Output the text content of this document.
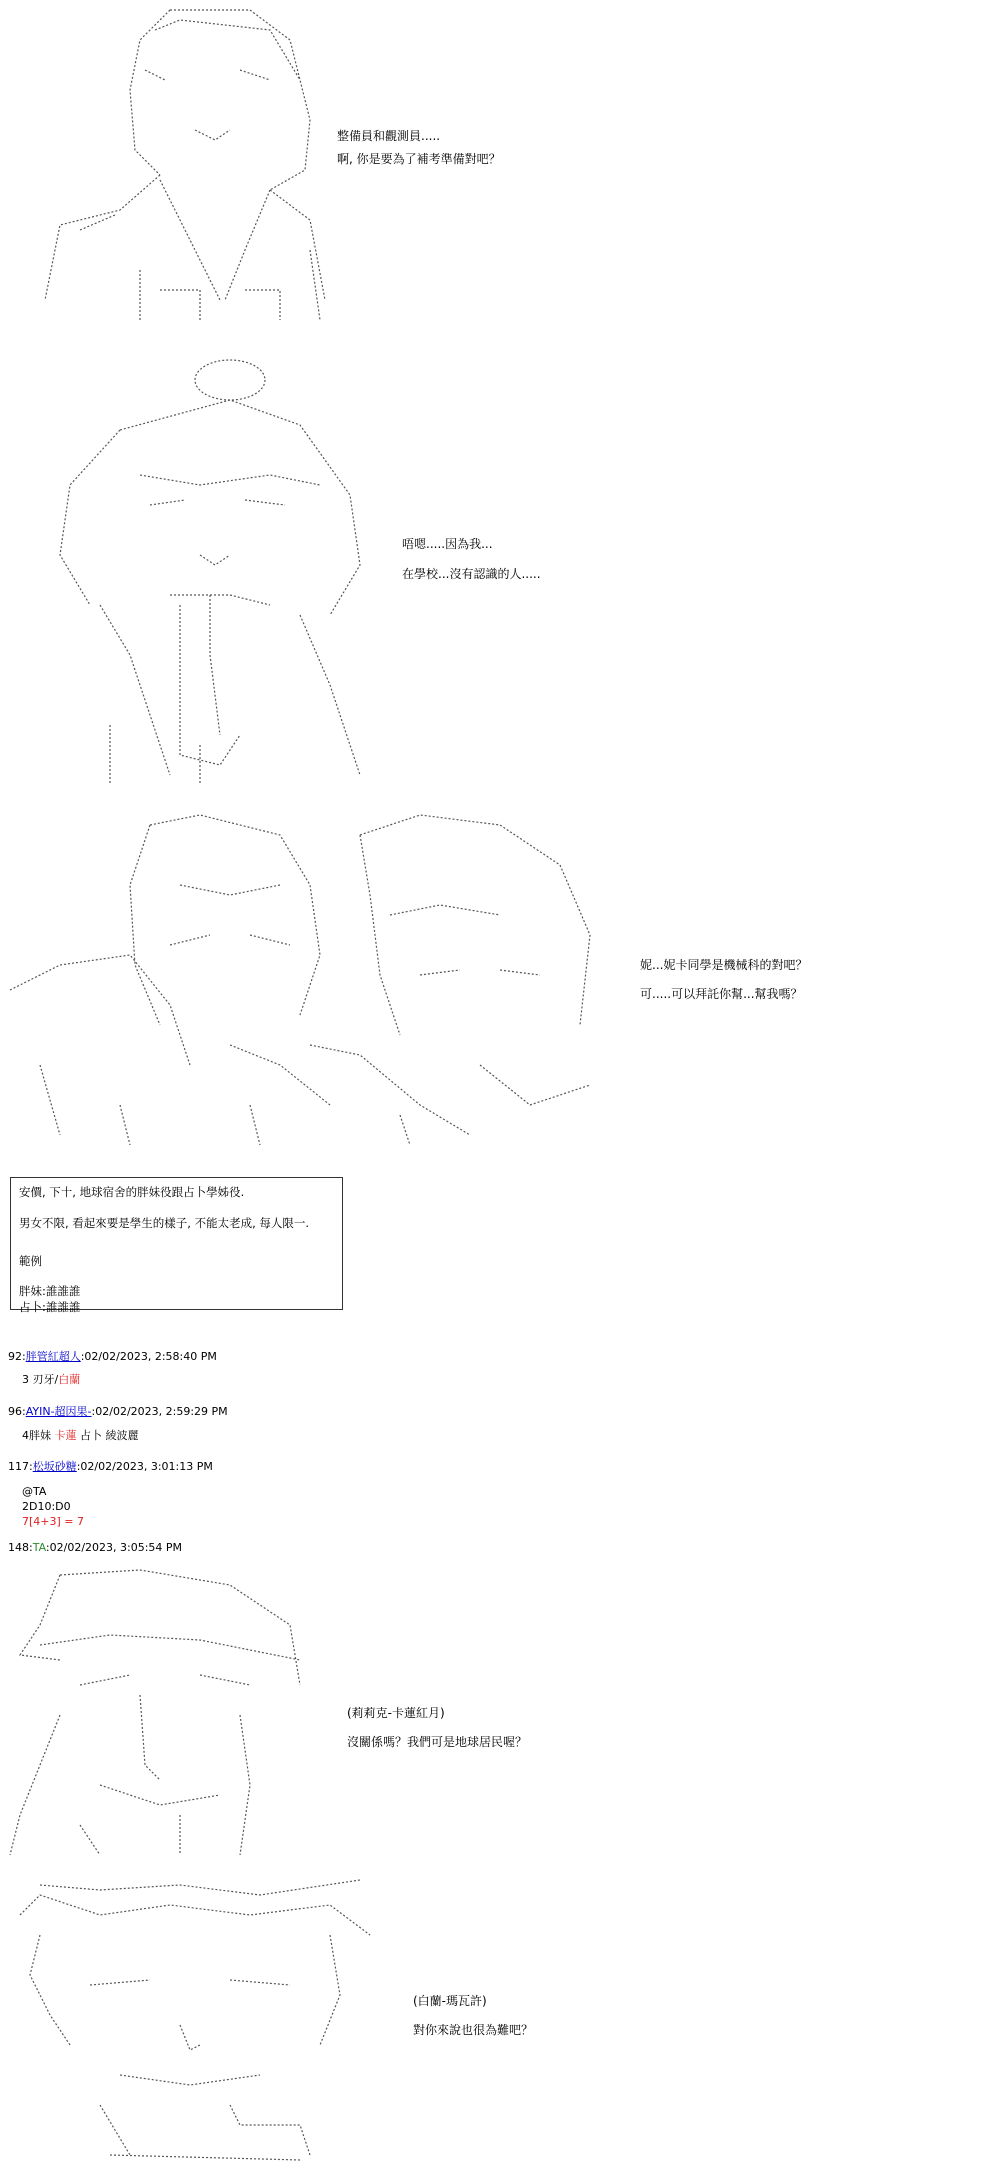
整備員和觀測員.....

啊, 你是要為了補考準備對吧？

唔嗯.....因為我...

在學校...沒有認識的人.....

妮...妮卡同學是機械科的對吧？

可.....可以拜託你幫...幫我嗎？

安價, 下十, 地球宿舍的胖妹役跟占卜學姊役.

男女不限, 看起來要是學生的樣子, 不能太老成, 每人限一.

範例

胖妹:誰誰誰

占卜:誰誰誰

92:胖管紅超人:02/02/2023, 2:58:40 PM

3 刃牙/白蘭

96:AYIN-超因果-:02/02/2023, 2:59:29 PM

4胖妹 卡蓮 占卜 綾波麗

117:松坂砂糖:02/02/2023, 3:01:13 PM

@TA

2D10:D0

7[4+3] = 7

148:TA:02/02/2023, 3:05:54 PM

(莉莉克-卡蓮紅月)

沒關係嗎？我們可是地球居民喔？

(白蘭-瑪瓦許)

對你來說也很為難吧？
